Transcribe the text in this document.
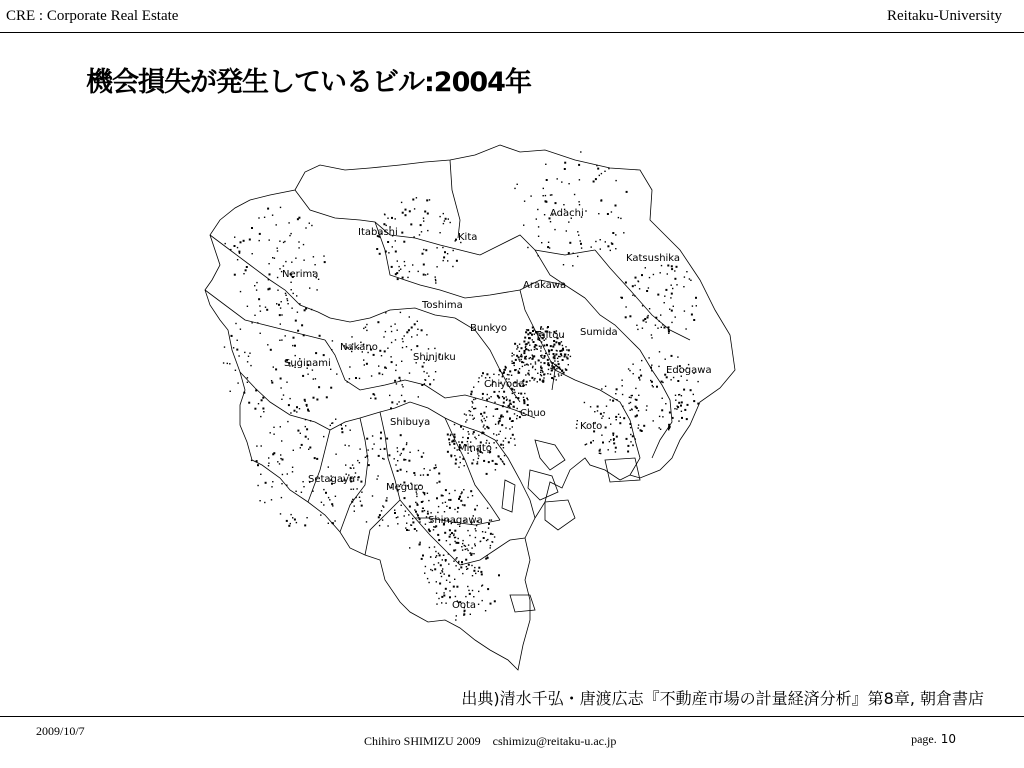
CRE : Corporate Real Estate	Reitaku-University
機会損失が発生しているビル:2004年
Adachi
Itabashi	Kita
Katsushika
Nerima
Arakawa
Toshima
Bunkyo
Taitou Sumida
Nakano
Shinjuku
Suginami
Chiyoda
Edogawa
Chuo
Shibuya	Koto
Minato
Setagaya
Meguro
Shinagawa
Oota
出典)清水千弘・唐渡広志『不動産市場の計量経済分析』第8章, 朝倉書店
2009/10/7
Chihiro SHIMIZU 2009　cshimizu@reitaku-u.ac.jp	page. 10
